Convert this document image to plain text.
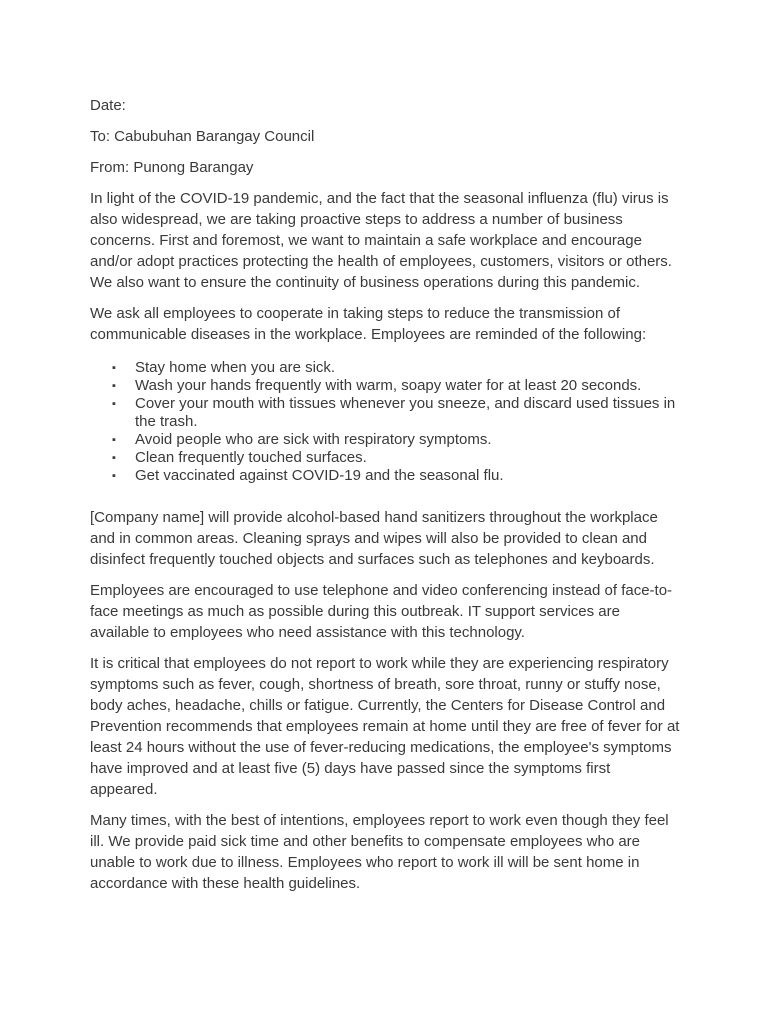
Date:

To: Cabubuhan Barangay Council

From: Punong Barangay

In light of the COVID-19 pandemic, and the fact that the seasonal influenza (flu) virus is also widespread, we are taking proactive steps to address a number of business concerns. First and foremost, we want to maintain a safe workplace and encourage and/or adopt practices protecting the health of employees, customers, visitors or others. We also want to ensure the continuity of business operations during this pandemic.

We ask all employees to cooperate in taking steps to reduce the transmission of communicable diseases in the workplace. Employees are reminded of the following:

▪ Stay home when you are sick.
▪ Wash your hands frequently with warm, soapy water for at least 20 seconds.
▪ Cover your mouth with tissues whenever you sneeze, and discard used tissues in the trash.
▪ Avoid people who are sick with respiratory symptoms.
▪ Clean frequently touched surfaces.
▪ Get vaccinated against COVID-19 and the seasonal flu.

[Company name] will provide alcohol-based hand sanitizers throughout the workplace and in common areas. Cleaning sprays and wipes will also be provided to clean and disinfect frequently touched objects and surfaces such as telephones and keyboards.

Employees are encouraged to use telephone and video conferencing instead of face-to-face meetings as much as possible during this outbreak. IT support services are available to employees who need assistance with this technology.

It is critical that employees do not report to work while they are experiencing respiratory symptoms such as fever, cough, shortness of breath, sore throat, runny or stuffy nose, body aches, headache, chills or fatigue. Currently, the Centers for Disease Control and Prevention recommends that employees remain at home until they are free of fever for at least 24 hours without the use of fever-reducing medications, the employee's symptoms have improved and at least five (5) days have passed since the symptoms first appeared.

Many times, with the best of intentions, employees report to work even though they feel ill. We provide paid sick time and other benefits to compensate employees who are unable to work due to illness. Employees who report to work ill will be sent home in accordance with these health guidelines.
